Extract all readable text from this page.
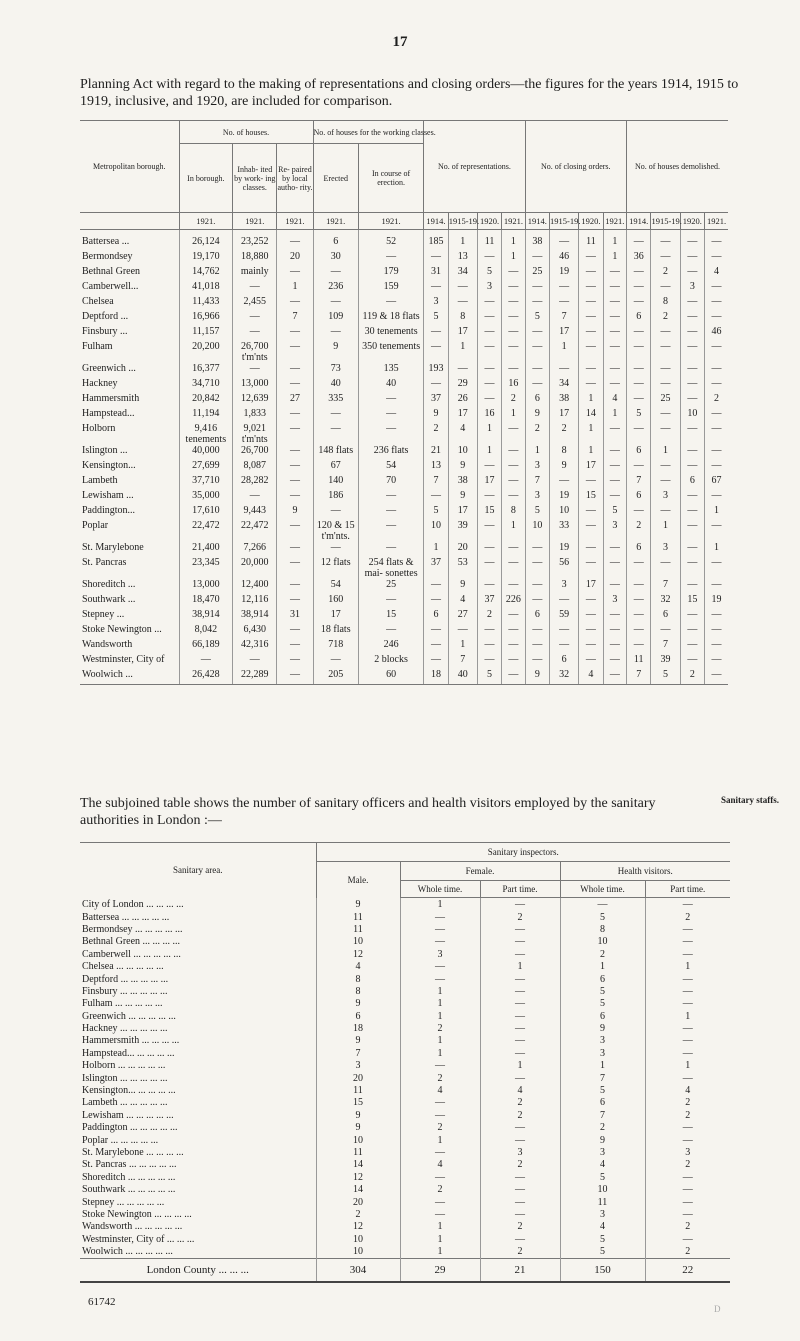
17
Planning Act with regard to the making of representations and closing orders—the figures for the years 1914, 1915 to 1919, inclusive, and 1920, are included for comparison.
Metropolitan borough.	No. of houses.			No. of houses for the working classes.		No. of representations.				No. of closing orders.				No. of houses demolished.			
	In borough.	Inhab- ited by work- ing classes.	Re- paired by local autho- rity.	Erected	In course of erection.												
	1921.	1921.	1921.	1921.	1921.	1914.	1915-19.	1920.	1921.	1914.	1915-19.	1920.	1921.	1914.	1915-19.	1920.	1921.
Battersea ...	26,124	23,252	—	6	52	185	1	11	1	38	—	11	1	—	—	—	—
Bermondsey	19,170	18,880	20	30	—	—	13	—	1	—	46	—	1	36	—	—	—
Bethnal Green	14,762	mainly	—	—	179	31	34	5	—	25	19	—	—	—	2	—	4
Camberwell...	41,018	—	1	236	159	—	—	3	—	—	—	—	—	—	—	3	—
Chelsea	11,433	2,455	—	—	—	3	—	—	—	—	—	—	—	—	8	—	—
Deptford ...	16,966	—	7	109	119 & 18 flats	5	8	—	—	5	7	—	—	6	2	—	—
Finsbury ...	11,157	—	—	—	30 tenements	—	17	—	—	—	17	—	—	—	—	—	46
Fulham	20,200	26,700 t'm'nts	—	9	350 tenements	—	1	—	—	—	1	—	—	—	—	—	—
Greenwich ...	16,377	—	—	73	135	193	—	—	—	—	—	—	—	—	—	—	—
Hackney	34,710	13,000	—	40	40	—	29	—	16	—	34	—	—	—	—	—	—
Hammersmith	20,842	12,639	27	335	—	37	26	—	2	6	38	1	4	—	25	—	2
Hampstead...	11,194	1,833	—	—	—	9	17	16	1	9	17	14	1	5	—	10	—
Holborn	9,416 tenements	9,021 t'm'nts	—	—	—	2	4	1	—	2	2	1	—	—	—	—	—
Islington ...	40,000	26,700	—	148 flats	236 flats	21	10	1	—	1	8	1	—	6	1	—	—
Kensington...	27,699	8,087	—	67	54	13	9	—	—	3	9	17	—	—	—	—	—
Lambeth	37,710	28,282	—	140	70	7	38	17	—	7	—	—	—	7	—	6	67
Lewisham ...	35,000	—	—	186	—	—	9	—	—	3	19	15	—	6	3	—	—
Paddington...	17,610	9,443	9	—	—	5	17	15	8	5	10	—	5	—	—	—	1
Poplar	22,472	22,472	—	120 & 15 t'm'nts.	—	10	39	—	1	10	33	—	3	2	1	—	—
St. Marylebone	21,400	7,266	—	—	—	1	20	—	—	—	19	—	—	6	3	—	1
St. Pancras	23,345	20,000	—	12 flats	254 flats & mai- sonettes	37	53	—	—	—	56	—	—	—	—	—	—
Shoreditch ...	13,000	12,400	—	54	25	—	9	—	—	—	3	17	—	—	7	—	—
Southwark ...	18,470	12,116	—	160	—	—	4	37	226	—	—	—	3	—	32	15	19
Stepney ...	38,914	38,914	31	17	15	6	27	2	—	6	59	—	—	—	6	—	—
Stoke Newington ...	8,042	6,430	—	18 flats	—	—	—	—	—	—	—	—	—	—	—	—	—
Wandsworth	66,189	42,316	—	718	246	—	1	—	—	—	—	—	—	—	7	—	—
Westminster, City of	—	—	—	—	2 blocks	—	7	—	—	—	6	—	—	11	39	—	—
Woolwich ...	26,428	22,289	—	205	60	18	40	5	—	9	32	4	—	7	5	2	—
The subjoined table shows the number of sanitary officers and health visitors employed by the sanitary authorities in London :—
Sanitary staffs.
Sanitary area.	Sanitary inspectors.				
	Male.	Female.		Health visitors.	
		Whole time.	Part time.	Whole time.	Part time.
City of London ... ... ... ...	9	1	—	—	—
Battersea ... ... ... ... ...	11	—	2	5	2
Bermondsey ... ... ... ... ...	11	—	—	8	—
Bethnal Green ... ... ... ...	10	—	—	10	—
Camberwell ... ... ... ... ...	12	3	—	2	—
Chelsea ... ... ... ... ...	4	—	1	1	1
Deptford ... ... ... ... ...	8	—	—	6	—
Finsbury ... ... ... ... ...	8	1	—	5	—
Fulham ... ... ... ... ...	9	1	—	5	—
Greenwich ... ... ... ... ...	6	1	—	6	1
Hackney ... ... ... ... ...	18	2	—	9	—
Hammersmith ... ... ... ...	9	1	—	3	—
Hampstead... ... ... ... ...	7	1	—	3	—
Holborn ... ... ... ... ...	3	—	1	1	1
Islington ... ... ... ... ...	20	2	—	7	—
Kensington... ... ... ... ...	11	4	4	5	4
Lambeth ... ... ... ... ...	15	—	2	6	2
Lewisham ... ... ... ... ...	9	—	2	7	2
Paddington ... ... ... ... ...	9	2	—	2	—
Poplar ... ... ... ... ...	10	1	—	9	—
St. Marylebone ... ... ... ...	11	—	3	3	3
St. Pancras ... ... ... ... ...	14	4	2	4	2
Shoreditch ... ... ... ... ...	12	—	—	5	—
Southwark ... ... ... ... ...	14	2	—	10	—
Stepney ... ... ... ... ...	20	—	—	11	—
Stoke Newington ... ... ... ...	2	—	—	3	—
Wandsworth ... ... ... ... ...	12	1	2	4	2
Westminster, City of ... ... ...	10	1	—	5	—
Woolwich ... ... ... ... ...	10	1	2	5	2
London County ... ... ...	304	29	21	150	22
61742
D
